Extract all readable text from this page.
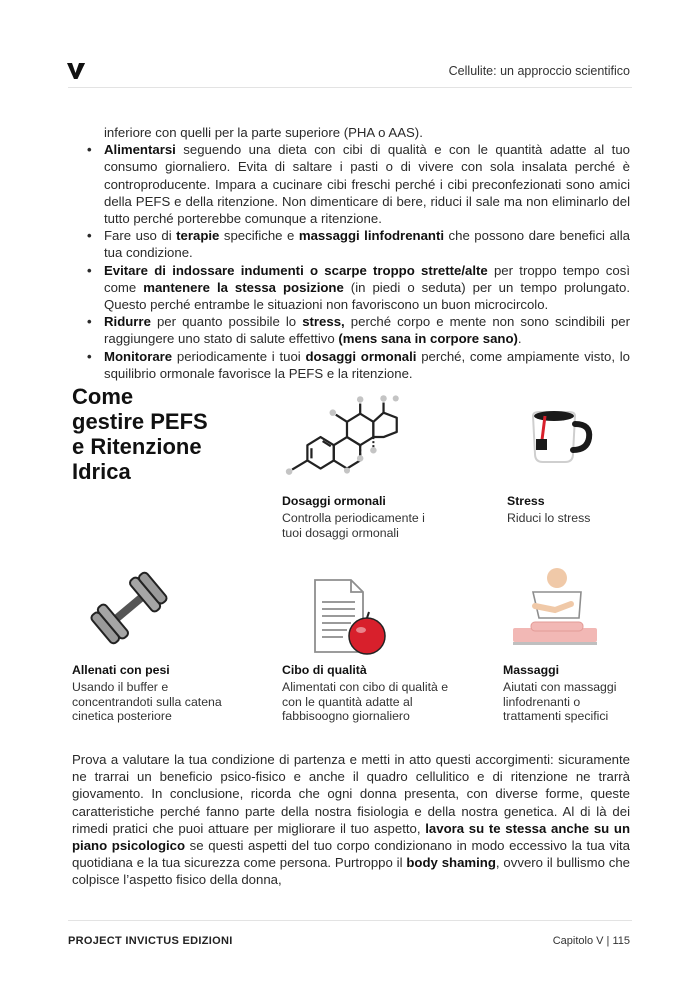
Cellulite: un approccio scientifico
inferiore con quelli per la parte superiore (PHA o AAS).
• Alimentarsi seguendo una dieta con cibi di qualità e con le quantità adatte al tuo consumo giornaliero. Evita di saltare i pasti o di vivere con sola insalata perché è controproducente. Impara a cucinare cibi freschi perché i cibi preconfezionati sono amici della PEFS e della ritenzione. Non dimenticare di bere, riduci il sale ma non eliminarlo del tutto perché porterebbe comunque a ritenzione.
• Fare uso di terapie specifiche e massaggi linfodrenanti che possono dare benefici alla tua condizione.
• Evitare di indossare indumenti o scarpe troppo strette/alte per troppo tempo così come mantenere la stessa posizione (in piedi o seduta) per un tempo prolungato. Questo perché entrambe le situazioni non favoriscono un buon microcircolo.
• Ridurre per quanto possibile lo stress, perché corpo e mente non sono scindibili per raggiungere uno stato di salute effettivo (mens sana in corpore sano).
• Monitorare periodicamente i tuoi dosaggi ormonali perché, come ampiamente visto, lo squilibrio ormonale favorisce la PEFS e la ritenzione.
Come
gestire PEFS
e Ritenzione
Idrica
Dosaggi ormonali
Controlla periodicamente i tuoi dosaggi ormonali
Stress
Riduci lo stress
Allenati con pesi
Usando il buffer e concentrandoti sulla catena cinetica posteriore
Cibo di qualità
Alimentati con cibo di qualità e con le quantità adatte al fabbisoogno giornaliero
Massaggi
Aiutati con massaggi linfodrenanti o trattamenti specifici
Prova a valutare la tua condizione di partenza e metti in atto questi accorgimenti: sicuramente ne trarrai un beneficio psico-fisico e anche il quadro cellulitico e di ritenzione ne trarrà giovamento. In conclusione, ricorda che ogni donna presenta, con diverse forme, queste caratteristiche perché fanno parte della nostra fisiologia e della nostra genetica. Al di là dei rimedi pratici che puoi attuare per migliorare il tuo aspetto, lavora su te stessa anche su un piano psicologico se questi aspetti del tuo corpo condizionano in modo eccessivo la tua vita quotidiana e la tua sicurezza come persona. Purtroppo il body shaming, ovvero il bullismo che colpisce l’aspetto fisico della donna,
PROJECT INVICTUS EDIZIONI	Capitolo V | 115
